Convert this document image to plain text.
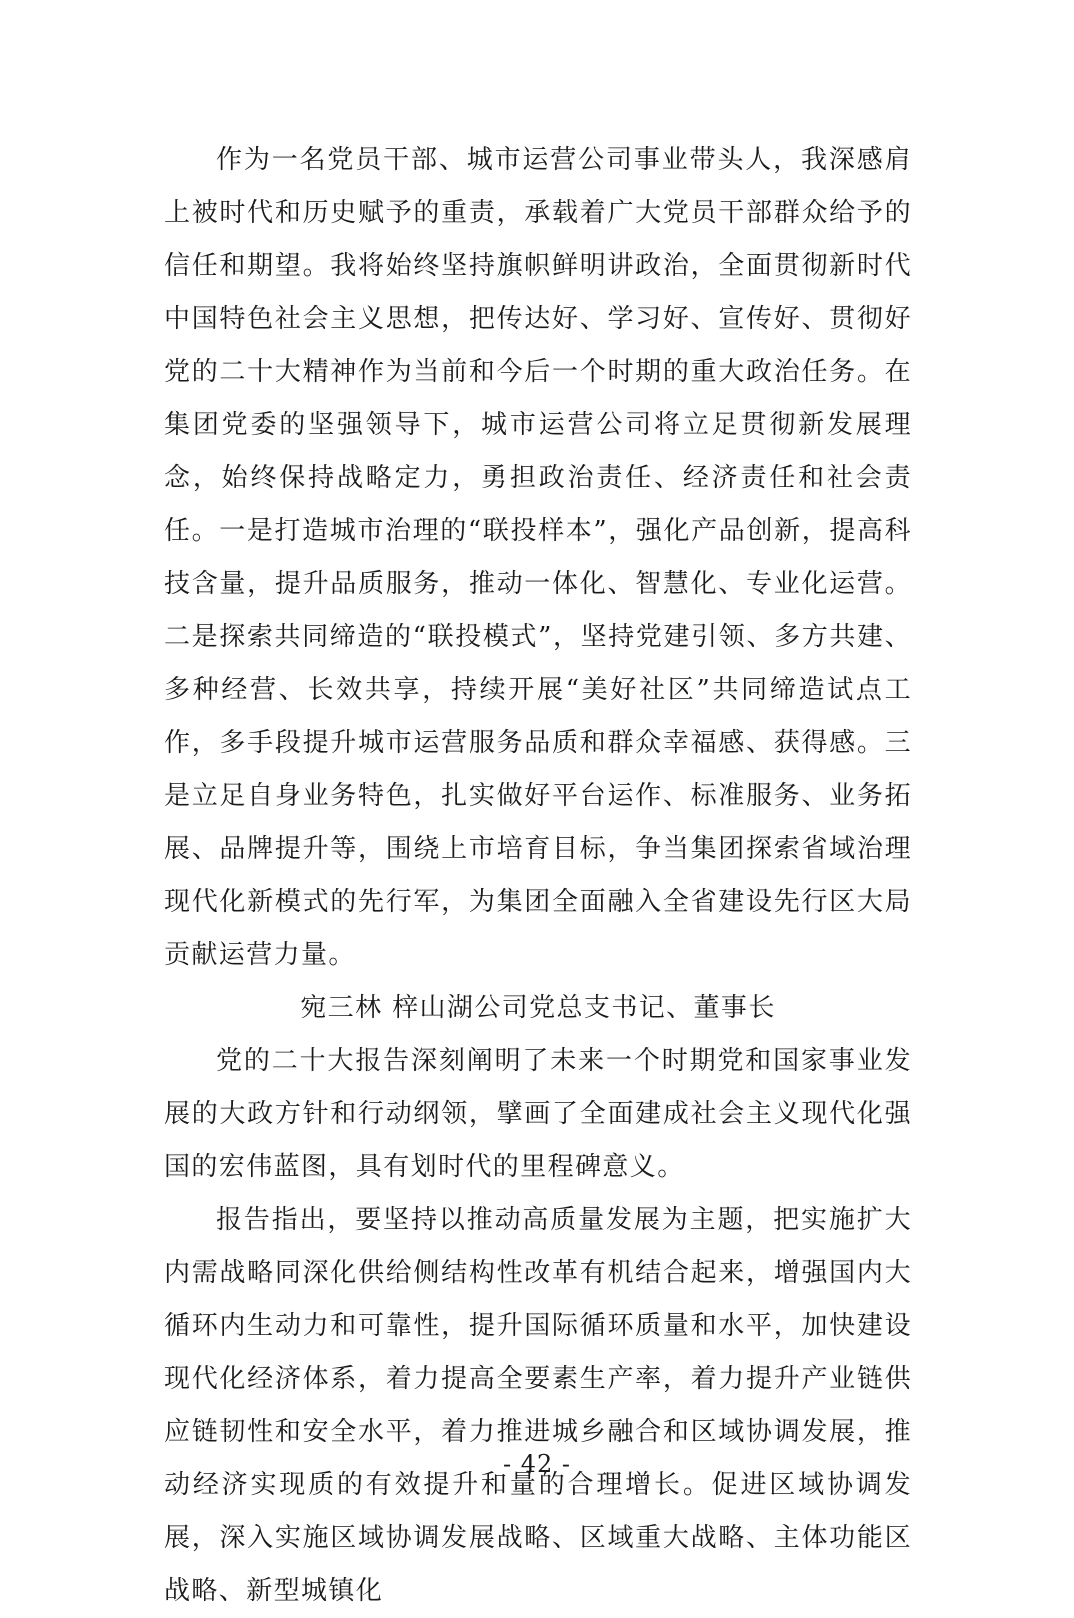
作为一名党员干部、城市运营公司事业带头人，我深感肩上被时代和历史赋予的重责，承载着广大党员干部群众给予的信任和期望。我将始终坚持旗帜鲜明讲政治，全面贯彻新时代中国特色社会主义思想，把传达好、学习好、宣传好、贯彻好党的二十大精神作为当前和今后一个时期的重大政治任务。在集团党委的坚强领导下，城市运营公司将立足贯彻新发展理念，始终保持战略定力，勇担政治责任、经济责任和社会责任。一是打造城市治理的“联投样本”，强化产品创新，提高科技含量，提升品质服务，推动一体化、智慧化、专业化运营。二是探索共同缔造的“联投模式”，坚持党建引领、多方共建、多种经营、长效共享，持续开展“美好社区”共同缔造试点工作，多手段提升城市运营服务品质和群众幸福感、获得感。三是立足自身业务特色，扎实做好平台运作、标准服务、业务拓展、品牌提升等，围绕上市培育目标，争当集团探索省域治理现代化新模式的先行军，为集团全面融入全省建设先行区大局贡献运营力量。

宛三林 梓山湖公司党总支书记、董事长

党的二十大报告深刻阐明了未来一个时期党和国家事业发展的大政方针和行动纲领，擘画了全面建成社会主义现代化强国的宏伟蓝图，具有划时代的里程碑意义。

报告指出，要坚持以推动高质量发展为主题，把实施扩大内需战略同深化供给侧结构性改革有机结合起来，增强国内大循环内生动力和可靠性，提升国际循环质量和水平，加快建设现代化经济体系，着力提高全要素生产率，着力提升产业链供应链韧性和安全水平，着力推进城乡融合和区域协调发展，推动经济实现质的有效提升和量的合理增长。促进区域协调发展，深入实施区域协调发展战略、区域重大战略、主体功能区战略、新型城镇化

- 42 -
